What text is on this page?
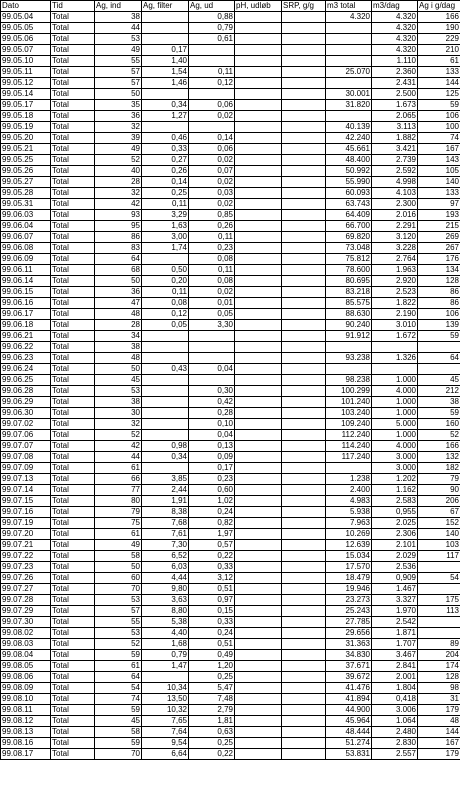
Dato	Tid	Ag, ind	Ag, filter	Ag, ud	pH, udløb	SRP, g/g	m3 total	m3/dag	Ag i g/dag
99.05.04	Total	38		0,88			4.320	4.320	166
99.05.05	Total	44		0,79				4.320	190
99.05.06	Total	53		0,61				4.320	229
99.05.07	Total	49	0,17					4.320	210
99.05.10	Total	55	1,40					1.110	61
99.05.11	Total	57	1,54	0,11			25.070	2.360	133
99.05.12	Total	57	1,46	0,12				2.431	144
99.05.14	Total	50					30.001	2.500	125
99.05.17	Total	35	0,34	0,06			31.820	1.673	59
99.05.18	Total	36	1,27	0,02				2.065	106
99.05.19	Total	32					40.139	3.113	100
99.05.20	Total	39	0,46	0,14			42.240	1.882	74
99.05.21	Total	49	0,33	0,06			45.661	3.421	167
99.05.25	Total	52	0,27	0,02			48.400	2.739	143
99.05.26	Total	40	0,26	0,07			50.992	2.592	105
99.05.27	Total	28	0,14	0,02			55.990	4.998	140
99.05.28	Total	32	0,25	0,03			60.093	4.103	133
99.05.31	Total	42	0,11	0,02			63.743	2.300	97
99.06.03	Total	93	3,29	0,85			64.409	2.016	193
99.06.04	Total	95	1,63	0,26			66.700	2.291	215
99.06.07	Total	86	3,00	0,11			69.820	3.120	269
99.06.08	Total	83	1,74	0,23			73.048	3.228	267
99.06.09	Total	64		0,08			75.812	2.764	176
99.06.11	Total	68	0,50	0,11			78.600	1.963	134
99.06.14	Total	50	0,20	0,08			80.695	2.920	128
99.06.15	Total	36	0,11	0,02			83.218	2.523	86
99.06.16	Total	47	0,08	0,01			85.575	1.822	86
99.06.17	Total	48	0,12	0,05			88.630	2.190	106
99.06.18	Total	28	0,05	3,30			90.240	3.010	139
99.06.21	Total	34					91.912	1.672	59
99.06.22	Total	38							
99.06.23	Total	48					93.238	1.326	64
99.06.24	Total	50	0,43	0,04					
99.06.25	Total	45					98.238	1.000	45
99.06.28	Total	53		0,30			100.299	4.000	212
99.06.29	Total	38		0,42			101.240	1.000	38
99.06.30	Total	30		0,28			103.240	1.000	59
99.07.02	Total	32		0,10			109.240	5.000	160
99.07.06	Total	52		0,04			112.240	1.000	52
99.07.07	Total	42	0,98	0,13			114.240	4.000	166
99.07.08	Total	44	0,34	0,09			117.240	3.000	132
99.07.09	Total	61		0,17				3.000	182
99.07.13	Total	66	3,85	0,23			1.238	1.202	79
99.07.14	Total	77	2,44	0,60			2.400	1.162	90
99.07.15	Total	80	1,91	1,02			4.983	2.583	206
99.07.16	Total	79	8,38	0,24			5.938	0,955	67
99.07.19	Total	75	7,68	0,82			7.963	2.025	152
99.07.20	Total	61	7,61	1,97			10.269	2.306	140
99.07.21	Total	49	7,30	0,57			12.639	2.101	103
99.07.22	Total	58	6,52	0,22			15.034	2.029	117
99.07.23	Total	50	6,03	0,33			17.570	2.536	
99.07.26	Total	60	4,44	3,12			18.479	0,909	54
99.07.27	Total	70	9,80	0,51			19.946	1.467	
99.07.28	Total	53	3,63	0,97			23.273	3.327	175
99.07.29	Total	57	8,80	0,15			25.243	1.970	113
99.07.30	Total	55	5,38	0,33			27.785	2.542	
99.08.02	Total	53	4,40	0,24			29.656	1.871	
99.08.03	Total	52	1,68	0,51			31.363	1.707	89
99.08.04	Total	59	0,79	0,49			34.830	3.467	204
99.08.05	Total	61	1,47	1,20			37.671	2.841	174
99.08.06	Total	64		0,25			39.672	2.001	128
99.08.09	Total	54	10,34	5,47			41.476	1.804	98
99.08.10	Total	74	13,50	7,48			41.894	0,418	31
99.08.11	Total	59	10,32	2,79			44.900	3.006	179
99.08.12	Total	45	7,65	1,81			45.964	1.064	48
99.08.13	Total	58	7,64	0,63			48.444	2.480	144
99.08.16	Total	59	9,54	0,25			51.274	2.830	167
99.08.17	Total	70	6,64	0,22			53.831	2.557	179
